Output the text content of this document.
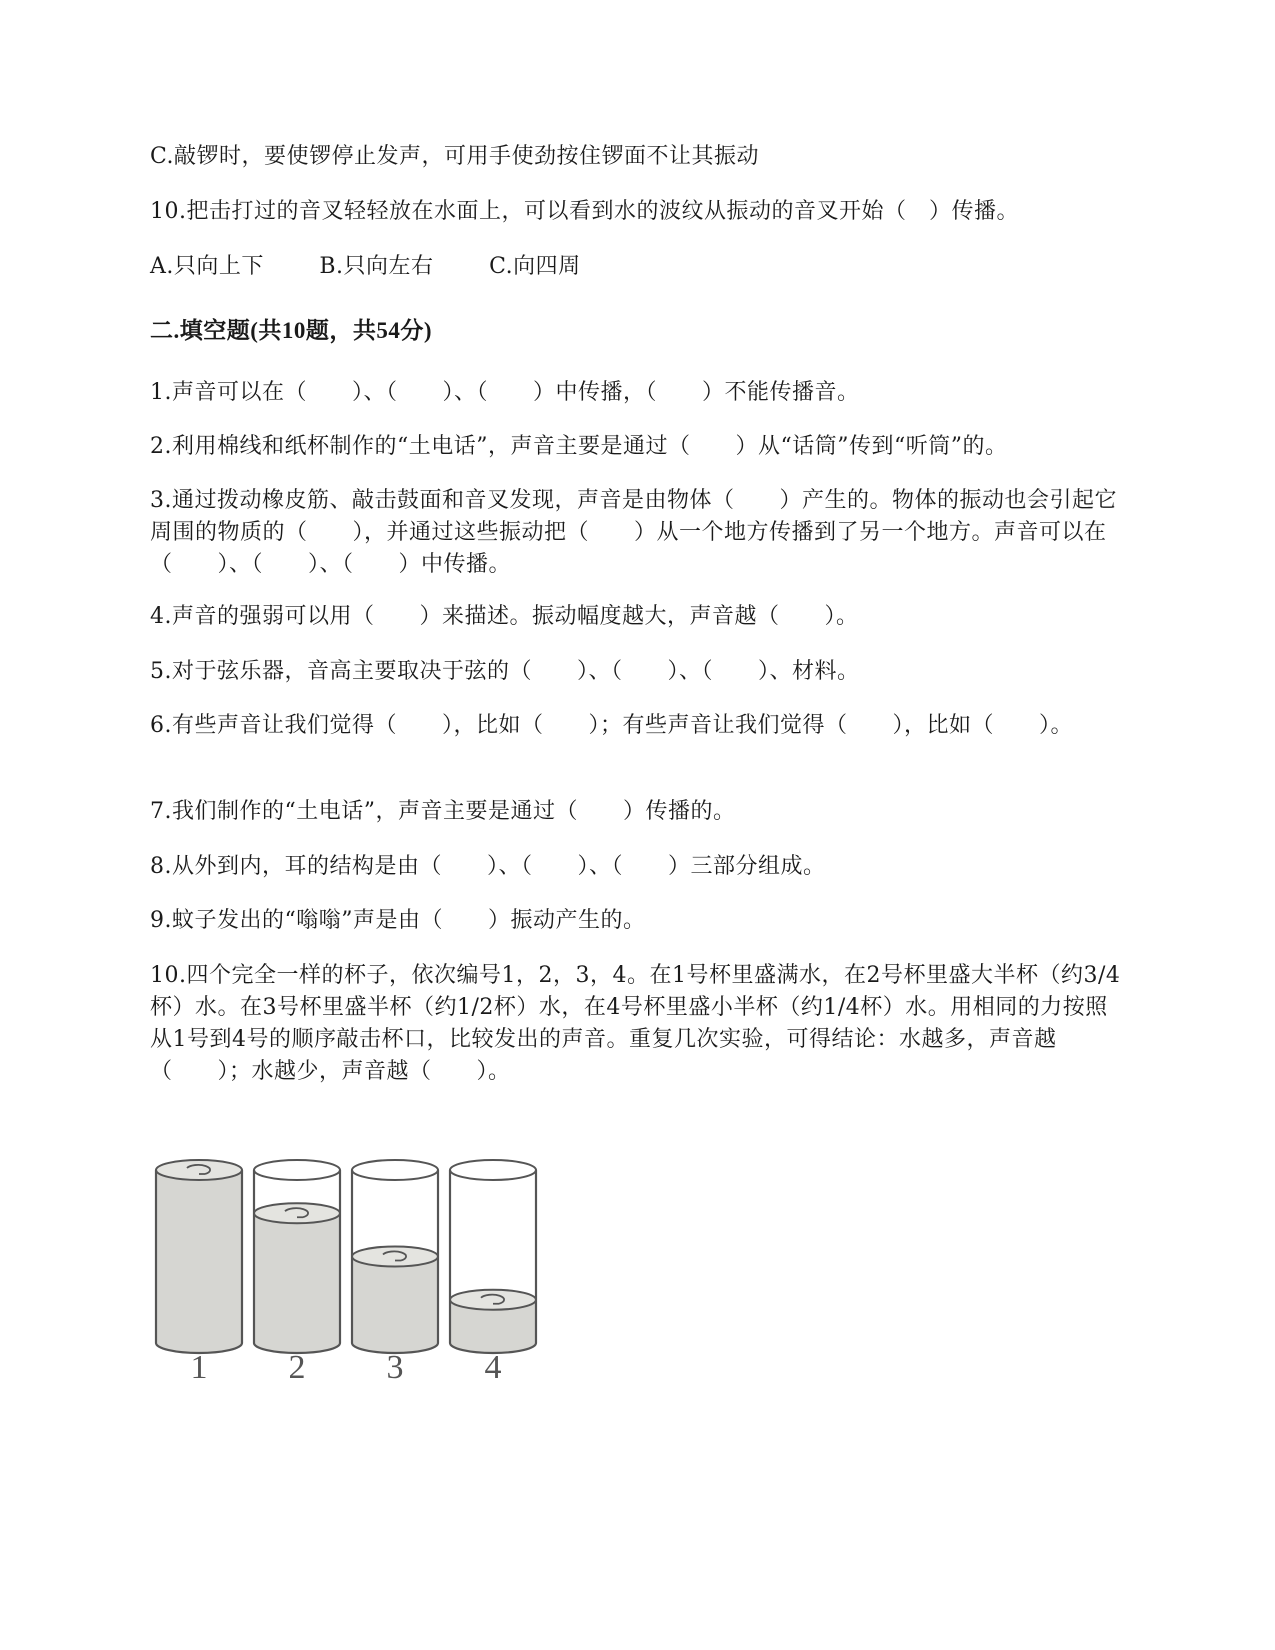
C.敲锣时，要使锣停止发声，可用手使劲按住锣面不让其振动
10.把击打过的音叉轻轻放在水面上，可以看到水的波纹从振动的音叉开始（　）传播。
A.只向上下	B.只向左右	C.向四周
二.填空题(共10题，共54分)
1.声音可以在（　　）、（　　）、（　　）中传播，（　　）不能传播音。
2.利用棉线和纸杯制作的“土电话”，声音主要是通过（　　）从“话筒”传到“听筒”的。
3.通过拨动橡皮筋、敲击鼓面和音叉发现，声音是由物体（　　）产生的。物体的振动也会引起它周围的物质的（　　），并通过这些振动把（　　）从一个地方传播到了另一个地方。声音可以在（　　）、（　　）、（　　）中传播。
4.声音的强弱可以用（　　）来描述。振动幅度越大，声音越（　　）。
5.对于弦乐器，音高主要取决于弦的（　　）、（　　）、（　　）、材料。
6.有些声音让我们觉得（　　），比如（　　）；有些声音让我们觉得（　　），比如（　　）。
7.我们制作的“土电话”，声音主要是通过（　　）传播的。
8.从外到内，耳的结构是由（　　）、（　　）、（　　）三部分组成。
9.蚊子发出的“嗡嗡”声是由（　　）振动产生的。
10.四个完全一样的杯子，依次编号1，2，3，4。在1号杯里盛满水，在2号杯里盛大半杯（约3/4杯）水。在3号杯里盛半杯（约1/2杯）水，在4号杯里盛小半杯（约1/4杯）水。用相同的力按照从1号到4号的顺序敲击杯口，比较发出的声音。重复几次实验，可得结论：水越多，声音越（　　）；水越少，声音越（　　）。
1 2 3 4
